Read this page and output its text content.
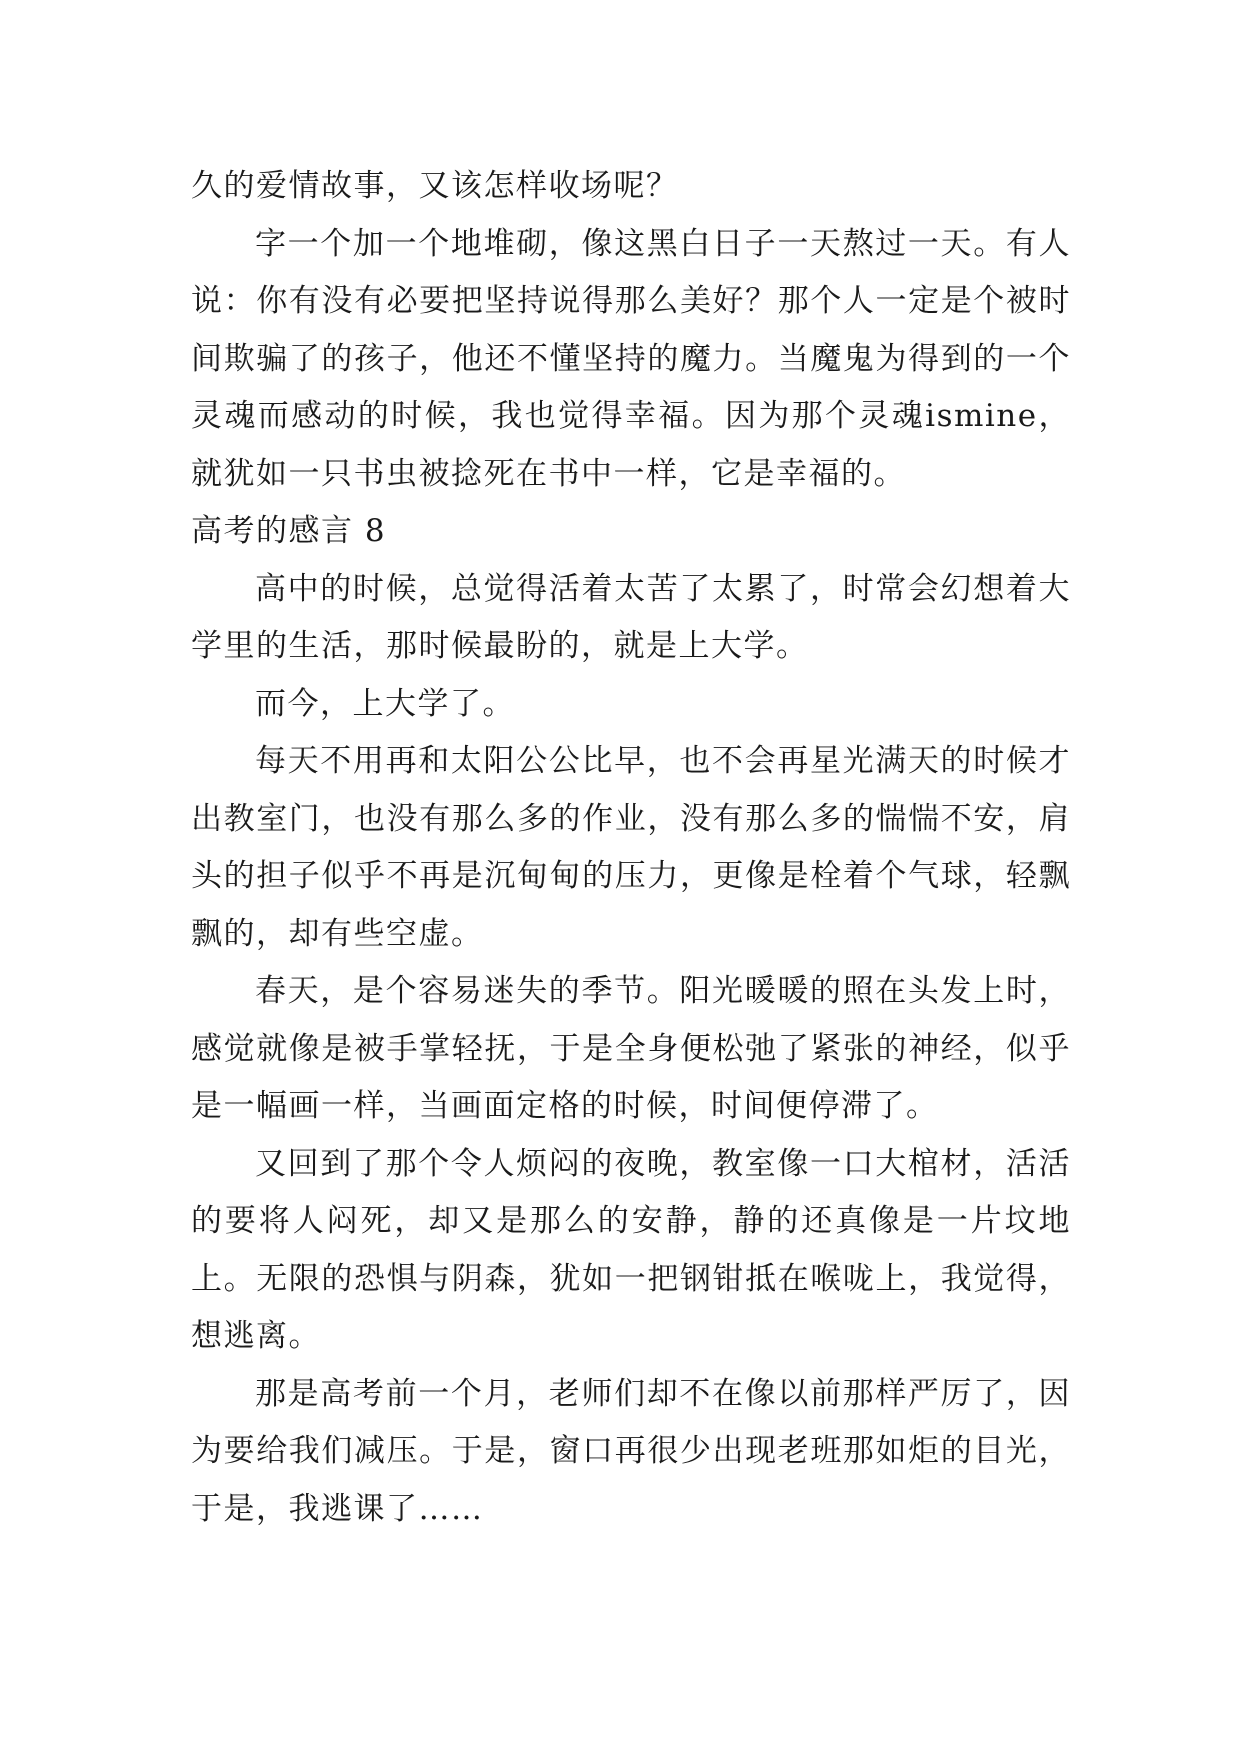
久的爱情故事，又该怎样收场呢？

字一个加一个地堆砌，像这黑白日子一天熬过一天。有人说：你有没有必要把坚持说得那么美好？那个人一定是个被时间欺骗了的孩子，他还不懂坚持的魔力。当魔鬼为得到的一个灵魂而感动的时候，我也觉得幸福。因为那个灵魂ismine，就犹如一只书虫被捻死在书中一样，它是幸福的。

高考的感言 8

高中的时候，总觉得活着太苦了太累了，时常会幻想着大学里的生活，那时候最盼的，就是上大学。

而今，上大学了。

每天不用再和太阳公公比早，也不会再星光满天的时候才出教室门，也没有那么多的作业，没有那么多的惴惴不安，肩头的担子似乎不再是沉甸甸的压力，更像是栓着个气球，轻飘飘的，却有些空虚。

春天，是个容易迷失的季节。阳光暖暖的照在头发上时，感觉就像是被手掌轻抚，于是全身便松弛了紧张的神经，似乎是一幅画一样，当画面定格的时候，时间便停滞了。

又回到了那个令人烦闷的夜晚，教室像一口大棺材，活活的要将人闷死，却又是那么的安静，静的还真像是一片坟地上。无限的恐惧与阴森，犹如一把钢钳抵在喉咙上，我觉得，想逃离。

那是高考前一个月，老师们却不在像以前那样严厉了，因为要给我们减压。于是，窗口再很少出现老班那如炬的目光，于是，我逃课了……
